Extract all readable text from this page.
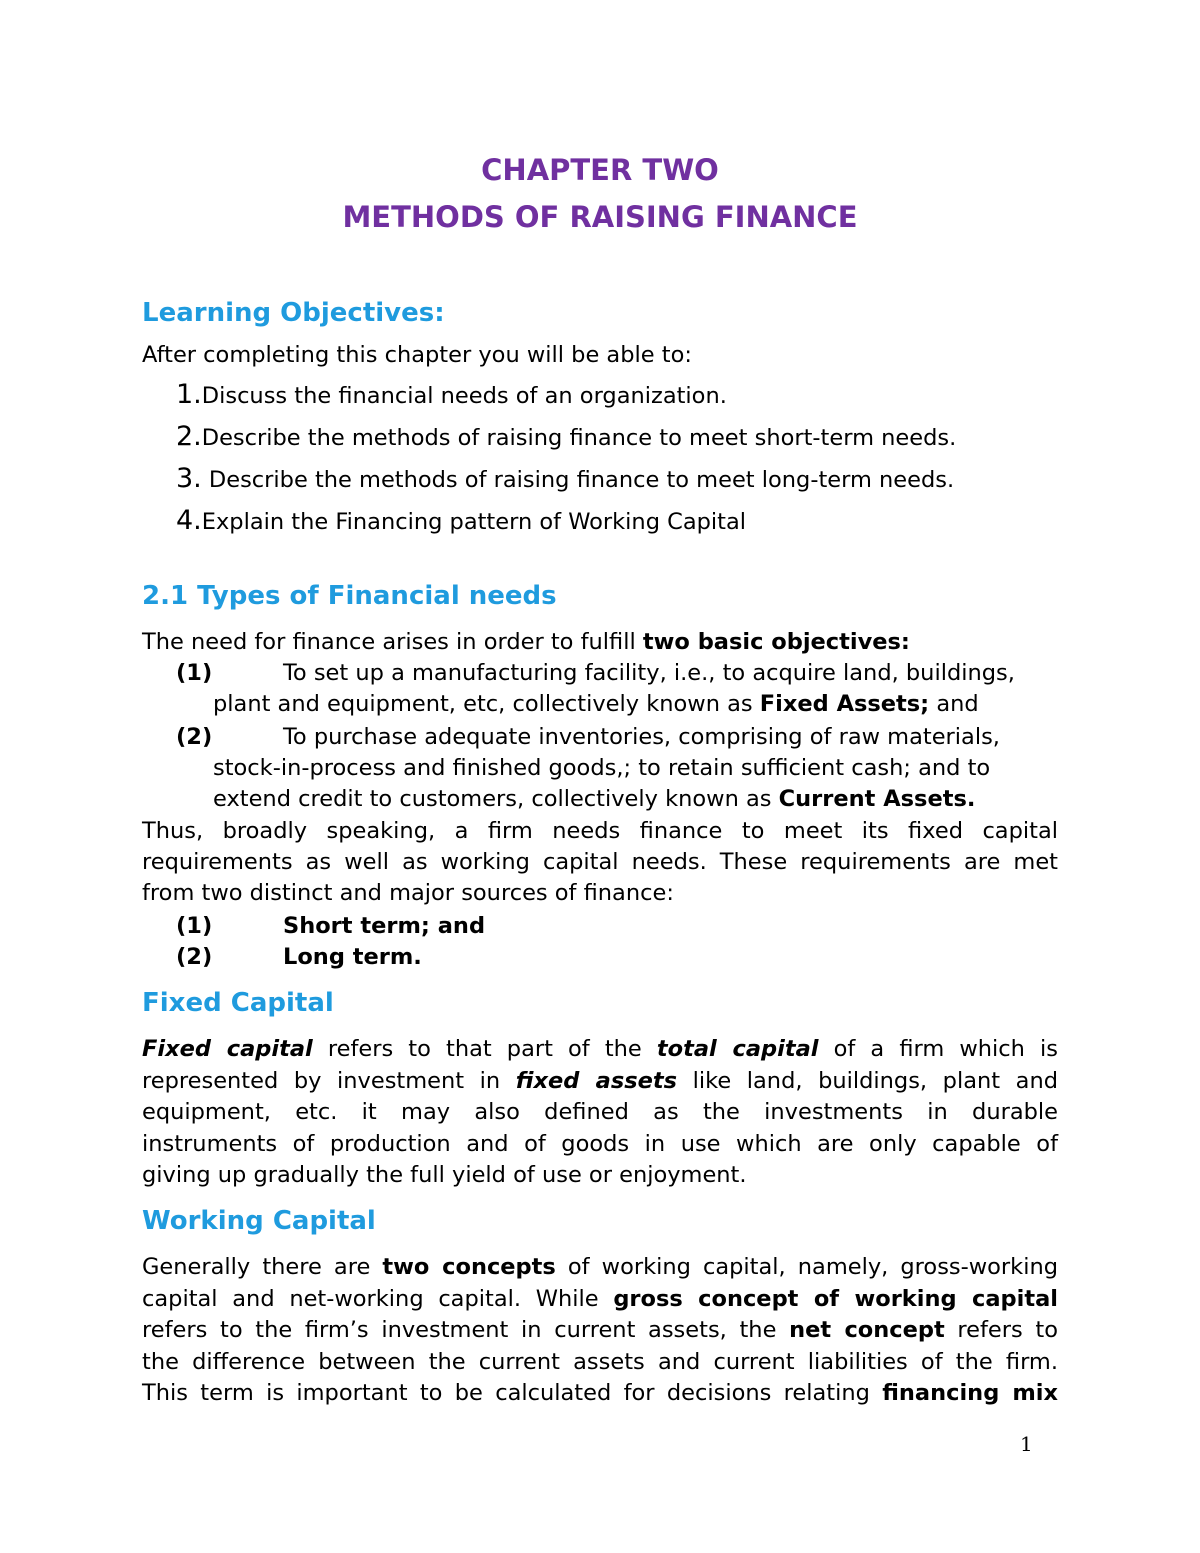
CHAPTER TWO
METHODS OF RAISING FINANCE
Learning Objectives:
After completing this chapter you will be able to:
1.Discuss the financial needs of an organization.
2.Describe the methods of raising finance to meet short-term needs.
3. Describe the methods of raising finance to meet long-term needs.
4.Explain the Financing pattern of Working Capital
2.1 Types of Financial needs
The need for finance arises in order to fulfill two basic objectives:
(1)	To set up a manufacturing facility, i.e., to acquire land, buildings,
plant and equipment, etc, collectively known as Fixed Assets; and
(2)	To purchase adequate inventories, comprising of raw materials,
stock-in-process and finished goods,; to retain sufficient cash; and to
extend credit to customers, collectively known as Current Assets.
Thus, broadly speaking, a firm needs finance to meet its fixed capital
requirements as well as working capital needs. These requirements are met
from two distinct and major sources of finance:
(1)	Short term; and
(2)	Long term.
Fixed Capital
Fixed capital refers to that part of the total capital of a firm which is
represented by investment in fixed assets like land, buildings, plant and
equipment, etc. it may also defined as the investments in durable
instruments of production and of goods in use which are only capable of
giving up gradually the full yield of use or enjoyment.
Working Capital
Generally there are two concepts of working capital, namely, gross-working
capital and net-working capital. While gross concept of working capital
refers to the firm’s investment in current assets, the net concept refers to
the difference between the current assets and current liabilities of the firm.
This term is important to be calculated for decisions relating financing mix
1
